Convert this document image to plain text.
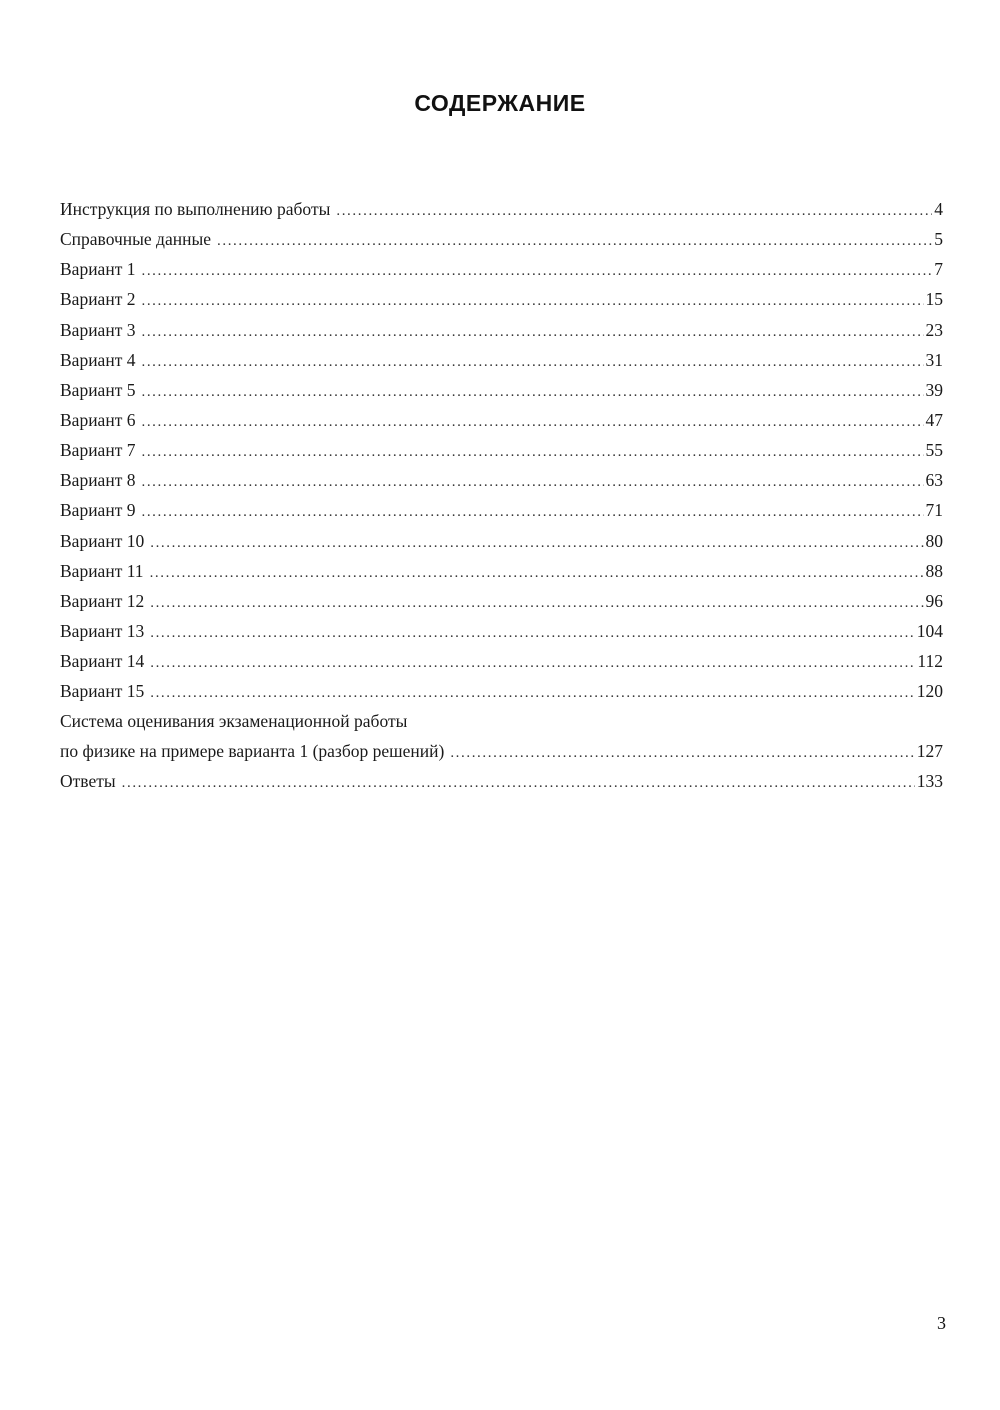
СОДЕРЖАНИЕ
Инструкция по выполнению работы .....	4
Справочные данные .....	5
Вариант 1 .....	7
Вариант 2 .....	15
Вариант 3 .....	23
Вариант 4 .....	31
Вариант 5 .....	39
Вариант 6 .....	47
Вариант 7 .....	55
Вариант 8 .....	63
Вариант 9 .....	71
Вариант 10 .....	80
Вариант 11 .....	88
Вариант 12 .....	96
Вариант 13 .....	104
Вариант 14 .....	112
Вариант 15 .....	120
Система оценивания экзаменационной работы
по физике на примере варианта 1 (разбор решений) .....	127
Ответы .....	133
3
